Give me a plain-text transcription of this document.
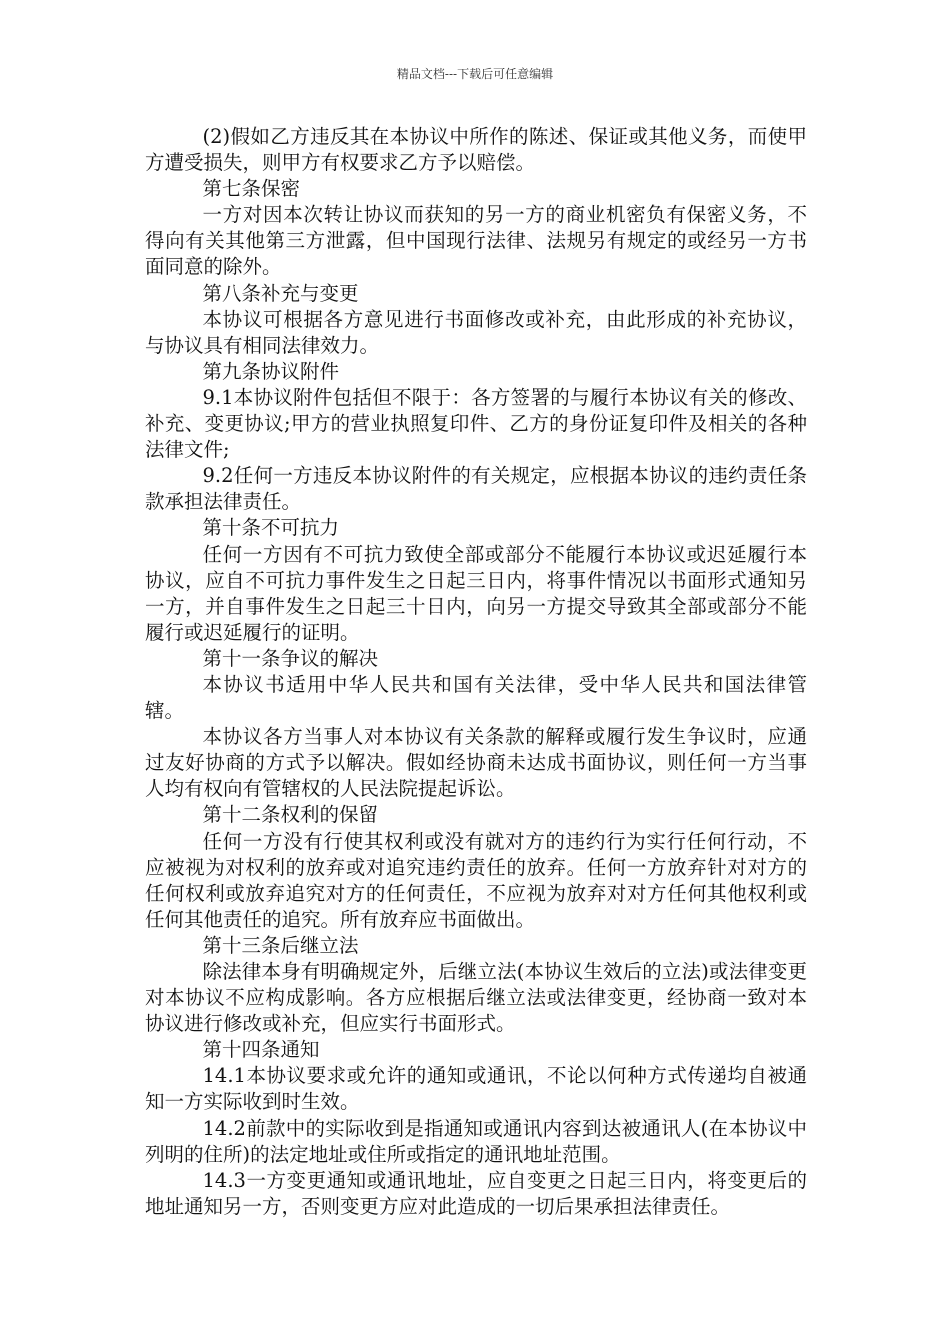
精品文档---下载后可任意编辑

(2)假如乙方违反其在本协议中所作的陈述、保证或其他义务，而使甲方遭受损失，则甲方有权要求乙方予以赔偿。

第七条保密

一方对因本次转让协议而获知的另一方的商业机密负有保密义务，不得向有关其他第三方泄露，但中国现行法律、法规另有规定的或经另一方书面同意的除外。

第八条补充与变更

本协议可根据各方意见进行书面修改或补充，由此形成的补充协议，与协议具有相同法律效力。

第九条协议附件

9.1本协议附件包括但不限于：各方签署的与履行本协议有关的修改、补充、变更协议;甲方的营业执照复印件、乙方的身份证复印件及相关的各种法律文件;

9.2任何一方违反本协议附件的有关规定，应根据本协议的违约责任条款承担法律责任。

第十条不可抗力

任何一方因有不可抗力致使全部或部分不能履行本协议或迟延履行本协议，应自不可抗力事件发生之日起三日内，将事件情况以书面形式通知另一方，并自事件发生之日起三十日内，向另一方提交导致其全部或部分不能履行或迟延履行的证明。

第十一条争议的解决

本协议书适用中华人民共和国有关法律，受中华人民共和国法律管辖。

本协议各方当事人对本协议有关条款的解释或履行发生争议时，应通过友好协商的方式予以解决。假如经协商未达成书面协议，则任何一方当事人均有权向有管辖权的人民法院提起诉讼。

第十二条权利的保留

任何一方没有行使其权利或没有就对方的违约行为实行任何行动，不应被视为对权利的放弃或对追究违约责任的放弃。任何一方放弃针对对方的任何权利或放弃追究对方的任何责任，不应视为放弃对对方任何其他权利或任何其他责任的追究。所有放弃应书面做出。

第十三条后继立法

除法律本身有明确规定外，后继立法(本协议生效后的立法)或法律变更对本协议不应构成影响。各方应根据后继立法或法律变更，经协商一致对本协议进行修改或补充，但应实行书面形式。

第十四条通知

14.1本协议要求或允许的通知或通讯，不论以何种方式传递均自被通知一方实际收到时生效。

14.2前款中的实际收到是指通知或通讯内容到达被通讯人(在本协议中列明的住所)的法定地址或住所或指定的通讯地址范围。

14.3一方变更通知或通讯地址，应自变更之日起三日内，将变更后的地址通知另一方，否则变更方应对此造成的一切后果承担法律责任。
